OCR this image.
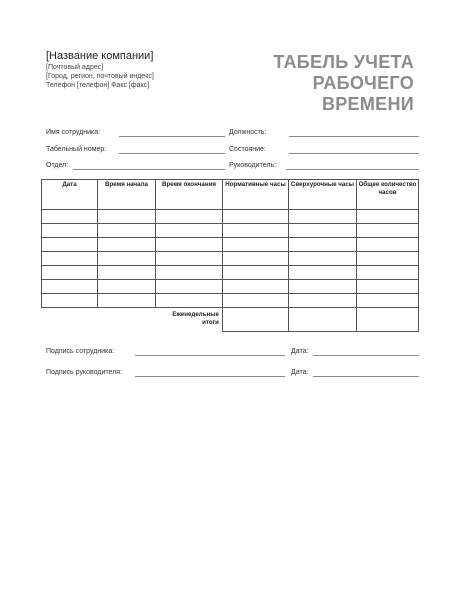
[Название компании]
[Почтовый адрес]
[Город, регион, почтовый индекс]
Телефон [телефон] Факс [факс]
ТАБЕЛЬ УЧЕТА
РАБОЧЕГО
ВРЕМЕНИ
Имя сотрудника:	Должность:
Табельный номер:	Состояние:
Отдел:	Руководитель:
Дата	Время начала	Время окончания	Нормативные часы	Сверхурочные часы	Общее количество часов

		Еженедельные итоги			
Подпись сотрудника:	Дата:
Подпись руководителя:	Дата:
